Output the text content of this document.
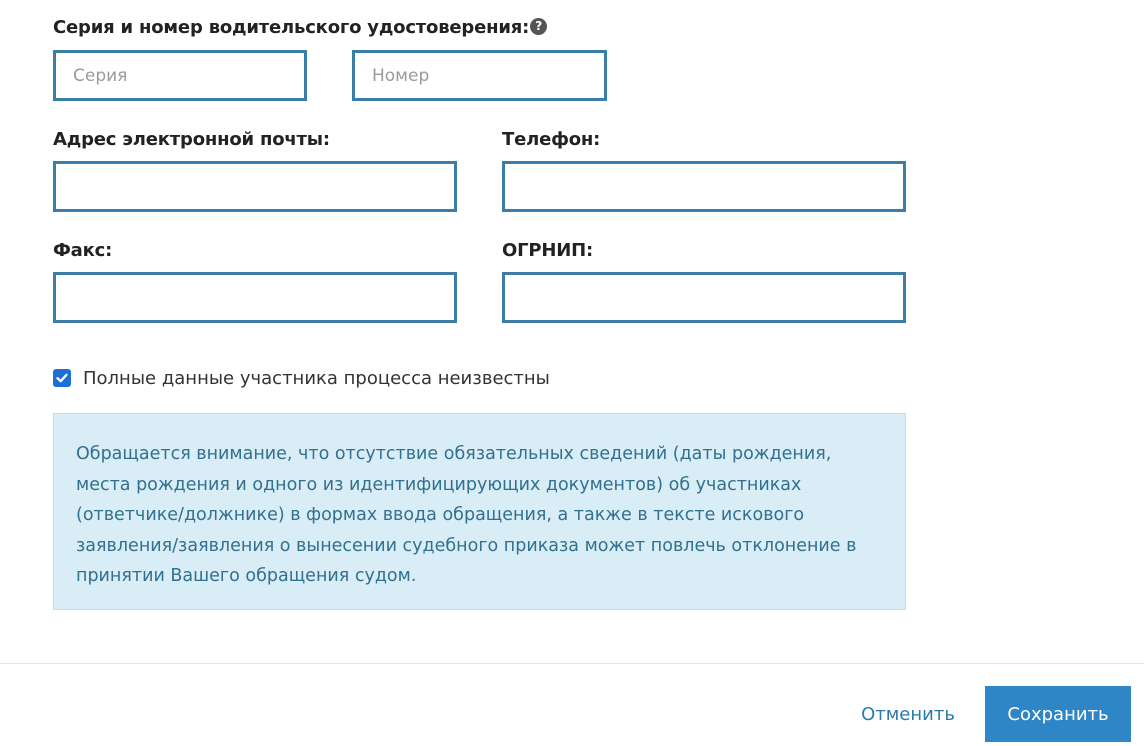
Серия и номер водительского удостоверения: ?
Серия
Номер
Адрес электронной почты:	Телефон:
Факс:	ОГРНИП:
Полные данные участника процесса неизвестны
Обращается внимание, что отсутствие обязательных сведений (даты рождения, места рождения и одного из идентифицирующих документов) об участниках (ответчике/должнике) в формах ввода обращения, а также в тексте искового заявления/заявления о вынесении судебного приказа может повлечь отклонение в принятии Вашего обращения судом.
Отменить	Сохранить
